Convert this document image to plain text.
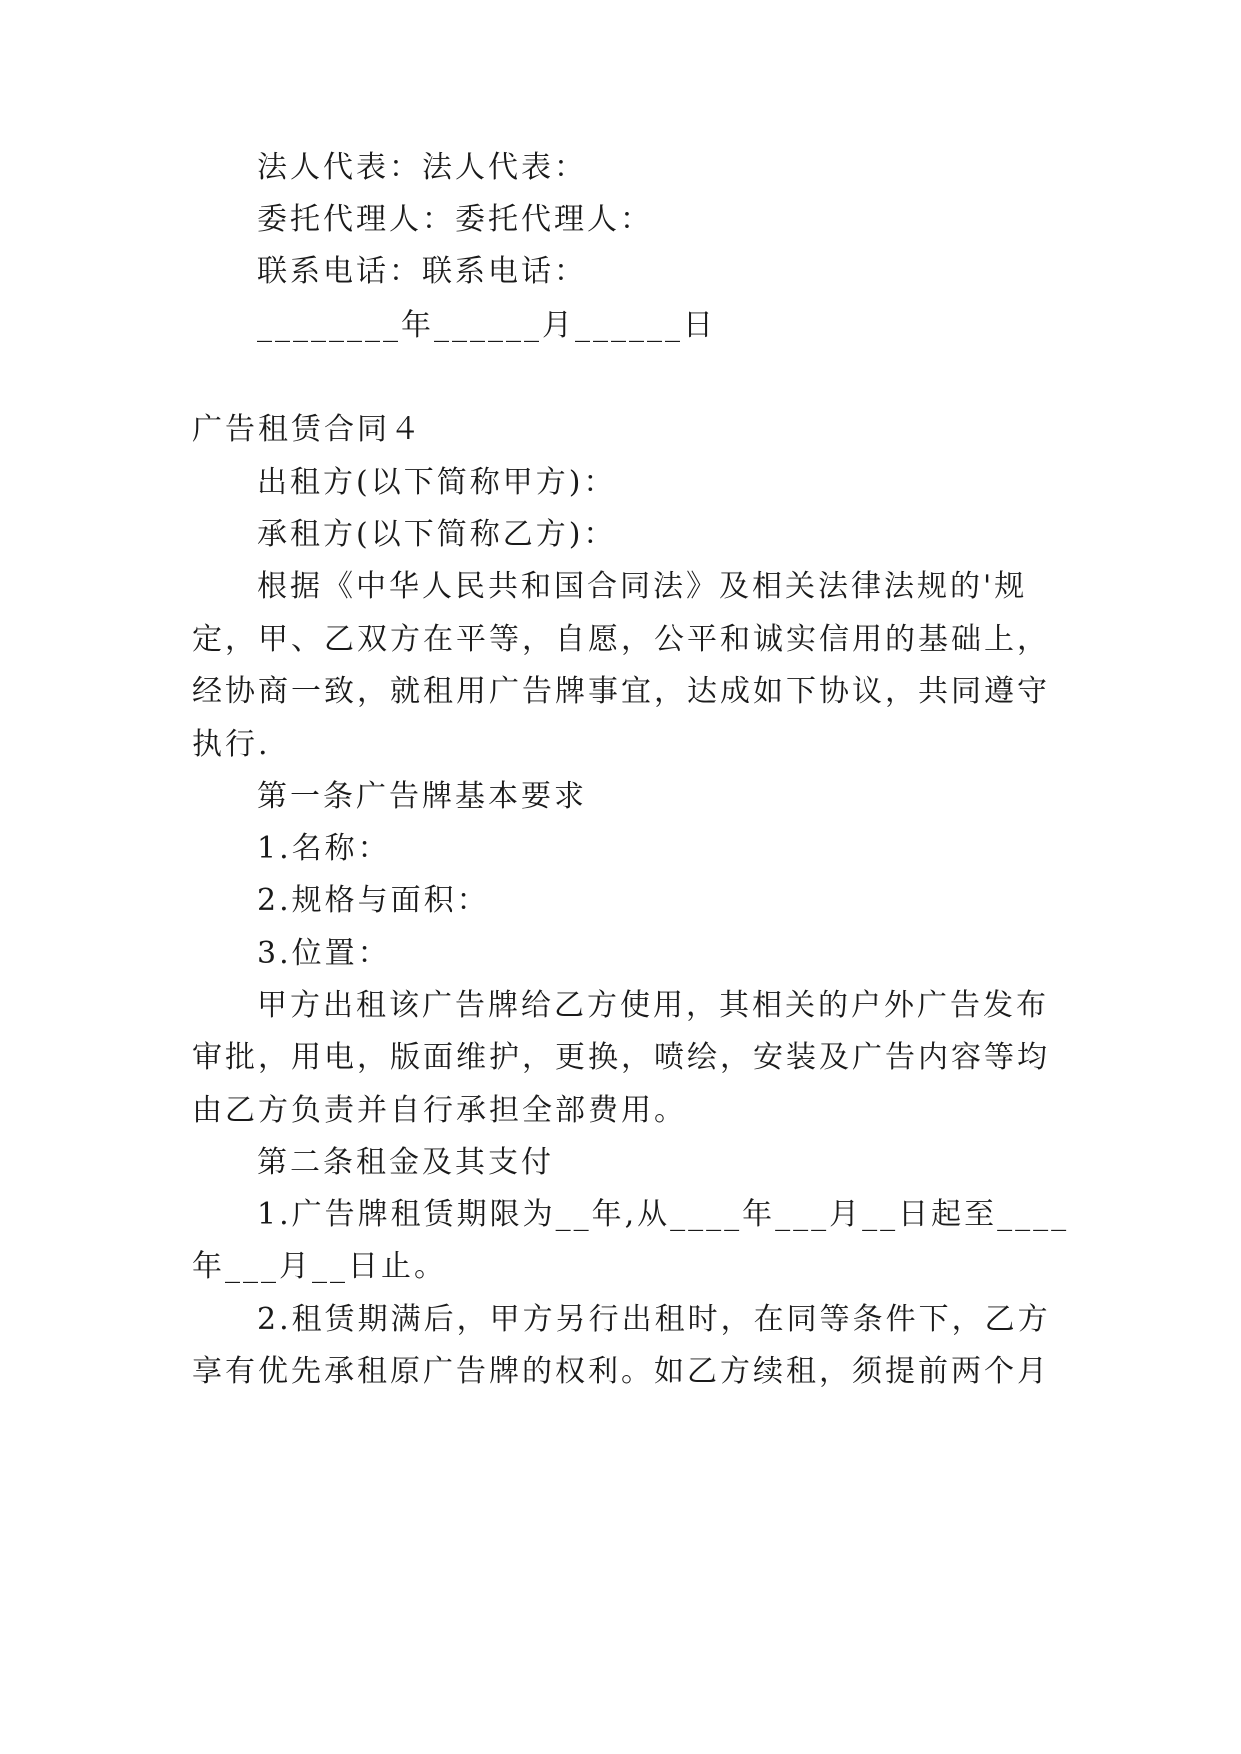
法人代表：法人代表：
委托代理人：委托代理人：
联系电话：联系电话：
________年______月______日
广告租赁合同４
出租方(以下简称甲方)：
承租方(以下简称乙方)：
根据《中华人民共和国合同法》及相关法律法规的'规
定，甲、乙双方在平等，自愿，公平和诚实信用的基础上，
经协商一致，就租用广告牌事宜，达成如下协议，共同遵守
执行.
第一条广告牌基本要求
1.名称：
2.规格与面积：
3.位置：
甲方出租该广告牌给乙方使用，其相关的户外广告发布
审批，用电，版面维护，更换，喷绘，安装及广告内容等均
由乙方负责并自行承担全部费用。
第二条租金及其支付
1.广告牌租赁期限为__年,从____年___月__日起至____
年___月__日止。
2.租赁期满后，甲方另行出租时，在同等条件下，乙方
享有优先承租原广告牌的权利。如乙方续租，须提前两个月
